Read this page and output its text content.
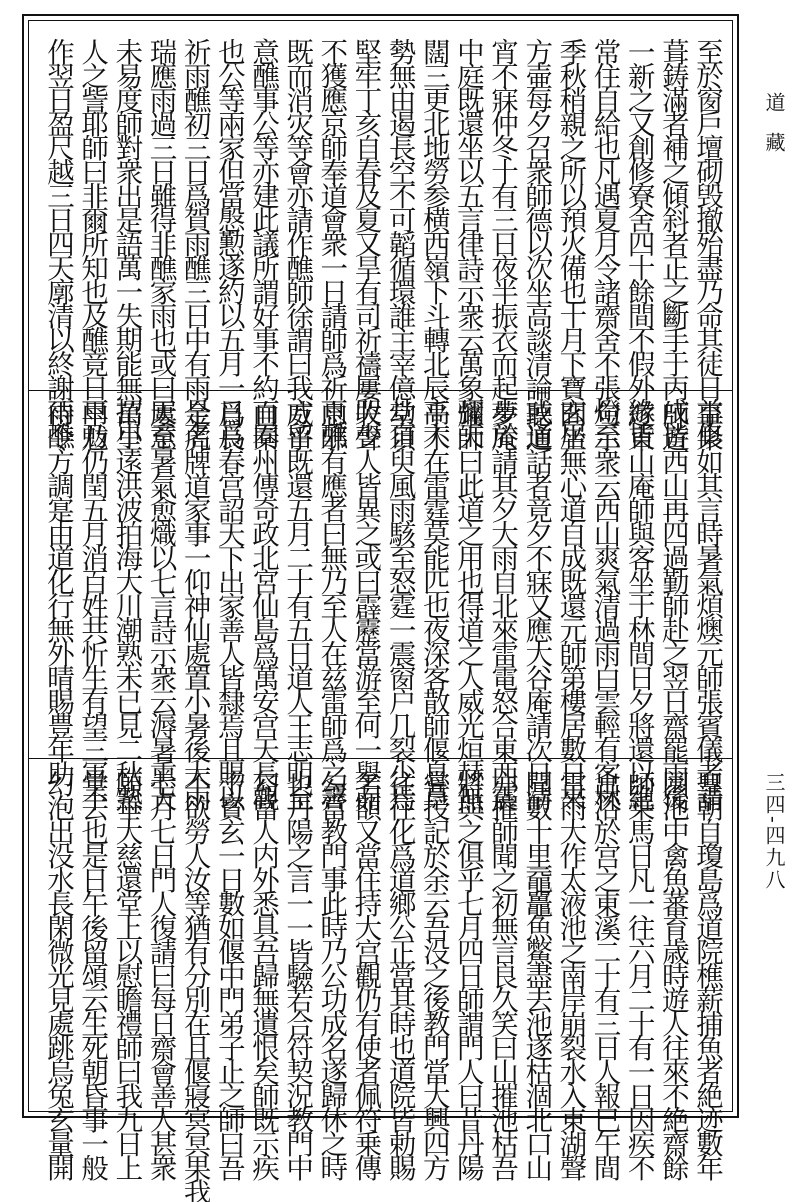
至於窗戶壇砌毁撤殆盡乃命其徒日益修
葺鋳滿者補之傾斜者正之斷手于丙戌皆
一新之又創修寮舍四十餘間不假外緣皆
常住自給也凡遇夏月令諸齋舍不張燈至
季秋稍親之所以預火備也十月下寶玄居
方壷每夕召衆師德以次坐高談清論或通
宵不寐仲冬十有三日夜半振衣而起步於
中庭既還坐以五言律詩示衆云萬象彌天
闊三更北地勞参横西嶺下斗轉北辰高大
勢無由遏長空不可韜循環誰主宰億劫自
堅牢丁亥自春及夏又旱有司祈禱屢哭少
不獲應京師奉道會衆一日請師爲祈雨醮
既而消灾等會亦請作醮師徐謂曰我方留
意醮事公等亦建此議所謂好事不約而同
也公等兩家但當慇懃遂約以五月一日爲
祈雨醮初三日爲賀雨醮三日中有雨是名
瑞應雨過三日雖得非醮家雨也或曰天意
未易度師對衆出是語萬一失期能無招小
人之訾耶師曰非爾所知也及醮竟日雨乃
作翌日盈尺越三日四天廓清以終謝雨醮
事果如其言時暑氣煩燠元師張賓儀者請
師遊西山再四過勤師赴之翌日齋罷雨後
遊東山庵師與客坐于林間日夕將還以絶
句示衆云西山爽氣清過雨白雲輕有客林
間坐無心道自成既還元師第樓居數日來
聽道話者竟夕不寐又應大谷庵請次日清
夢庵請其夕大雨自北來雷電怒合東西震
耀師曰此道之用也得道之人威光烜赫無
乎不在雷霆莫能匹也夜深客散師偃息草
堂須臾風雨駭至怒霆一震窗户几裂少焉
收聲人皆異之或曰霹靂當游至何一擧而
息邪有應者曰無乃至人在兹雷師爲之霽
威乎既還五月二十有五日道人王志明至
自秦州傳奇政北宮仙島爲萬安宫天長觀
爲長春宫詔天下出家善人皆隸焉且賜以
金虎牌道家事一仰神仙處置小暑後大雨
屢至暑氣愈熾以七言詩示衆云溽暑熏天
萬里逺洪波拍海大川潮熟未已見二秋熟
早魃仍閏五月消百姓共忻生有望三軍不
待令方調寔由道化行無外晴賜豊年助
聖朝自瓊島爲道院樵薪捕魚者絶迹數年
園池中禽魚蕃育歳時遊人往來不絶齋餘
師乗馬日凡一往六月二十有一日因疾不
出浴於宫之東溪二十有三日人報巳午間
雷雨大作太液池之南岸崩裂水入東湖聲
聞數十里黿鼉魚鱉盡去池遂枯涸北口山
亦摧師聞之初無言良久笑曰山摧池枯吾
將與之俱乎七月四日師謂門人曰昔丹陽
嘗授記於余云吾没之後教門當大興四方
往往化爲道鄉公正當其時也道院皆勅賜
名額又當住持大宫觀仍有使者佩符乗傳
勾當教門事此時乃公功成名遂歸休之時
也丹陽之言一一皆驗若合符契況教門中
勾當人内外悉具吾歸無遺恨矣師既示疾
于寳玄一日數如偃中門弟子止之師曰吾
不欲勞人汝等猶有分別在且偃寢㝠冥果我
七月七日門人復請曰每日齋會善人甚衆
願垂大慈還堂上以慰瞻禮師曰我九日上
堂去也是日午後留頌云生死朝昏事一般
幻泡出没水長閑微光見處跳烏兔玄量開
道藏
三四-四九八
